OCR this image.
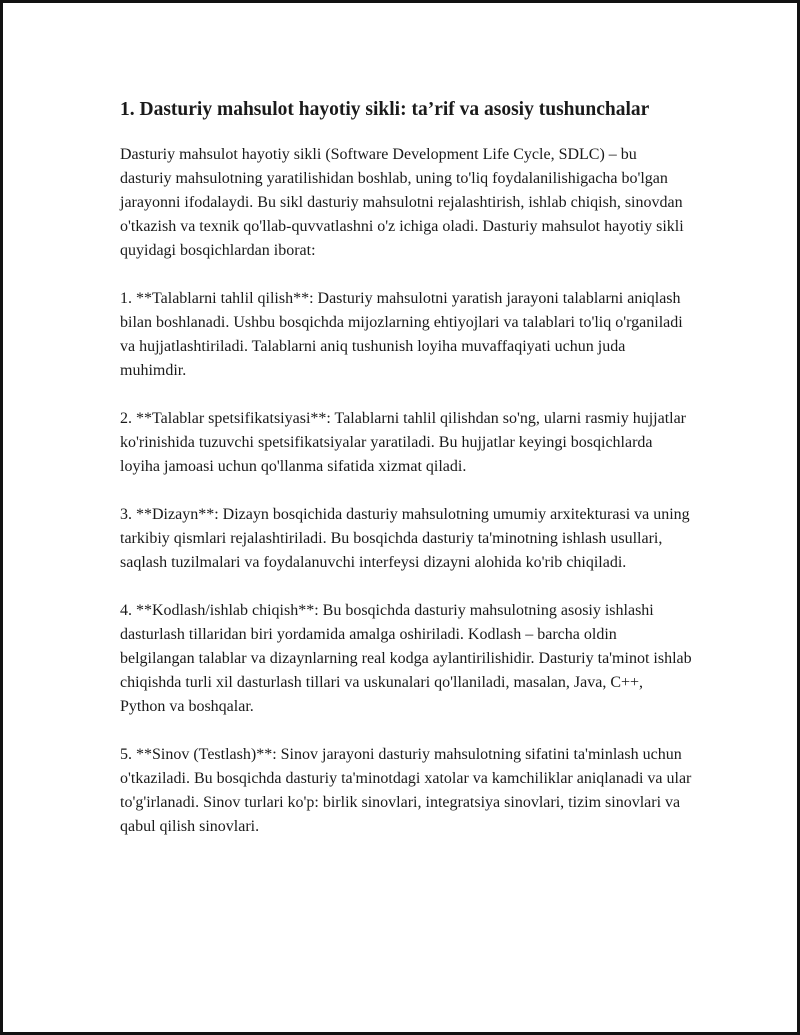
1. Dasturiy mahsulot hayotiy sikli: ta’rif va asosiy tushunchalar

Dasturiy mahsulot hayotiy sikli (Software Development Life Cycle, SDLC) – bu dasturiy mahsulotning yaratilishidan boshlab, uning to'liq foydalanilishigacha bo'lgan jarayonni ifodalaydi. Bu sikl dasturiy mahsulotni rejalashtirish, ishlab chiqish, sinovdan o'tkazish va texnik qo'llab-quvvatlashni o'z ichiga oladi. Dasturiy mahsulot hayotiy sikli quyidagi bosqichlardan iborat:

1. **Talablarni tahlil qilish**: Dasturiy mahsulotni yaratish jarayoni talablarni aniqlash bilan boshlanadi. Ushbu bosqichda mijozlarning ehtiyojlari va talablari to'liq o'rganiladi va hujjatlashtiriladi. Talablarni aniq tushunish loyiha muvaffaqiyati uchun juda muhimdir.

2. **Talablar spetsifikatsiyasi**: Talablarni tahlil qilishdan so'ng, ularni rasmiy hujjatlar ko'rinishida tuzuvchi spetsifikatsiyalar yaratiladi. Bu hujjatlar keyingi bosqichlarda loyiha jamoasi uchun qo'llanma sifatida xizmat qiladi.

3. **Dizayn**: Dizayn bosqichida dasturiy mahsulotning umumiy arxitekturasi va uning tarkibiy qismlari rejalashtiriladi. Bu bosqichda dasturiy ta'minotning ishlash usullari, saqlash tuzilmalari va foydalanuvchi interfeysi dizayni alohida ko'rib chiqiladi.

4. **Kodlash/ishlab chiqish**: Bu bosqichda dasturiy mahsulotning asosiy ishlashi dasturlash tillaridan biri yordamida amalga oshiriladi. Kodlash – barcha oldin belgilangan talablar va dizaynlarning real kodga aylantirilishidir. Dasturiy ta'minot ishlab chiqishda turli xil dasturlash tillari va uskunalari qo'llaniladi, masalan, Java, C++, Python va boshqalar.

5. **Sinov (Testlash)**: Sinov jarayoni dasturiy mahsulotning sifatini ta'minlash uchun o'tkaziladi. Bu bosqichda dasturiy ta'minotdagi xatolar va kamchiliklar aniqlanadi va ular to'g'irlanadi. Sinov turlari ko'p: birlik sinovlari, integratsiya sinovlari, tizim sinovlari va qabul qilish sinovlari.
